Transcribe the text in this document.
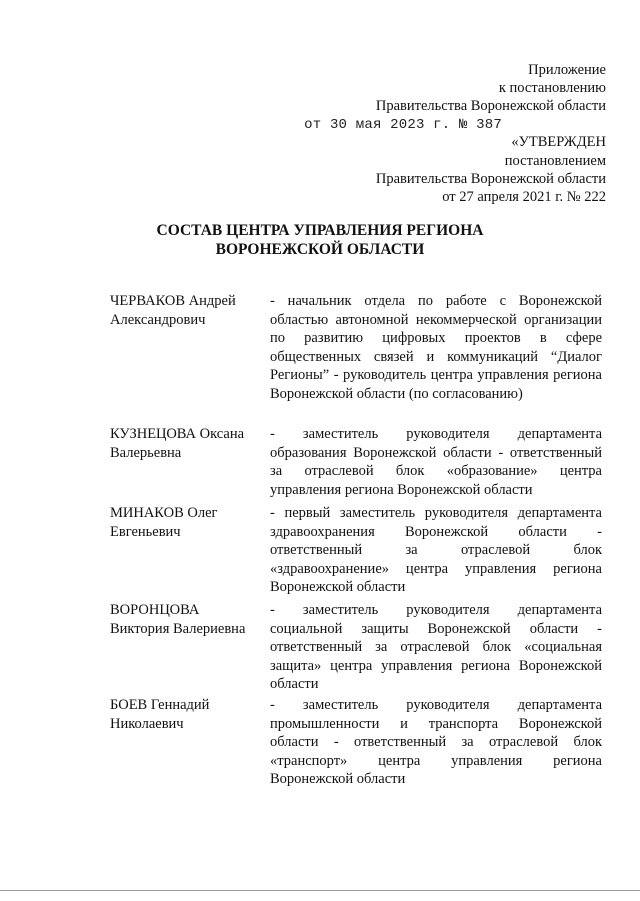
Приложение
к постановлению
Правительства Воронежской области
от 30 мая 2023 г. № 387
«УТВЕРЖДЕН
постановлением
Правительства Воронежской области
от 27 апреля 2021 г. № 222
СОСТАВ ЦЕНТРА УПРАВЛЕНИЯ РЕГИОНА
ВОРОНЕЖСКОЙ ОБЛАСТИ
ЧЕРВАКОВ Андрей
Александрович
- начальник отдела по работе с Воронежской областью автономной некоммерческой организации по развитию цифровых проектов в сфере общественных связей и коммуникаций “Диалог Регионы” - руководитель центра управления региона Воронежской области (по согласованию)
КУЗНЕЦОВА Оксана
Валерьевна
- заместитель руководителя департамента образования Воронежской области - ответственный за отраслевой блок «образование» центра управления региона Воронежской области
МИНАКОВ Олег
Евгеньевич
- первый заместитель руководителя департамента здравоохранения Воронежской области - ответственный за отраслевой блок «здравоохранение» центра управления региона Воронежской области
ВОРОНЦОВА
Виктория Валериевна
- заместитель руководителя департамента социальной защиты Воронежской области - ответственный за отраслевой блок «социальная защита» центра управления региона Воронежской области
БОЕВ Геннадий
Николаевич
- заместитель руководителя департамента промышленности и транспорта Воронежской области - ответственный за отраслевой блок «транспорт» центра управления региона Воронежской области
